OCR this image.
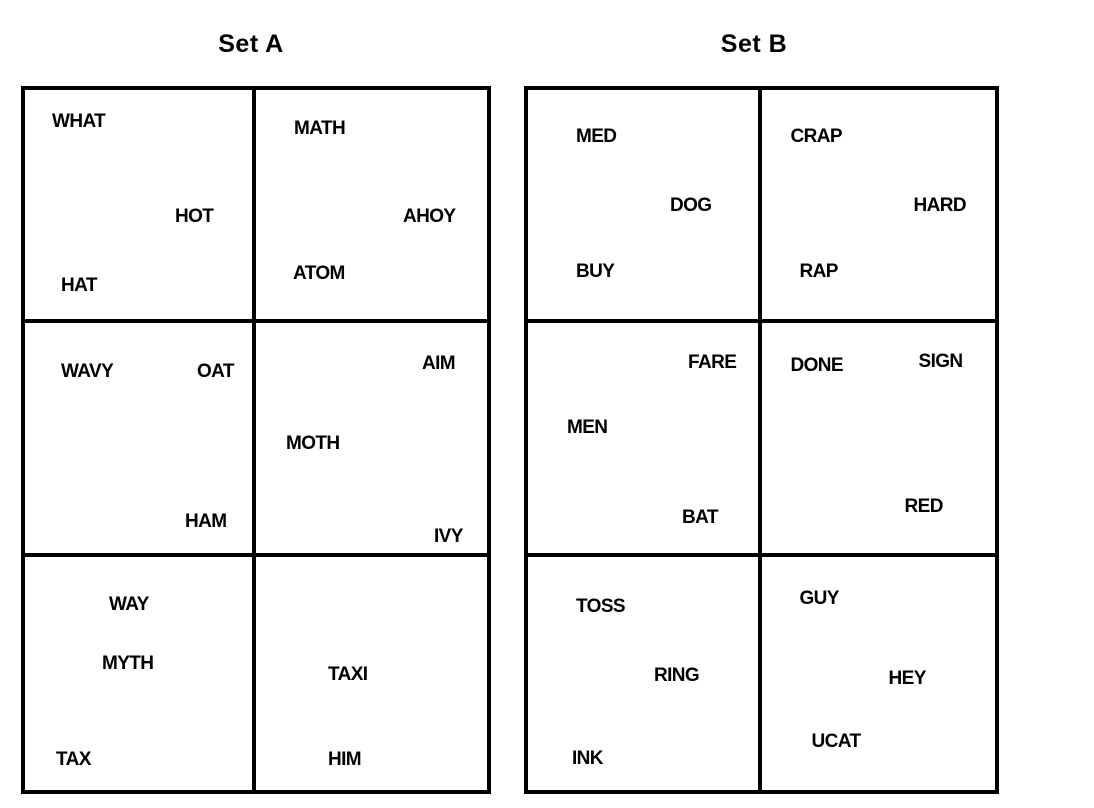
Set A	Set B
WHAT
HOT
HAT
MATH
AHOY
ATOM
WAVY	OAT
HAM
AIM
MOTH
IVY
WAY
MYTH
TAX
TAXI
HIM
MED
DOG
BUY
CRAP
HARD
RAP
FARE
MEN
BAT
DONE	SIGN
RED
TOSS
RING
INK
GUY
HEY
UCAT
